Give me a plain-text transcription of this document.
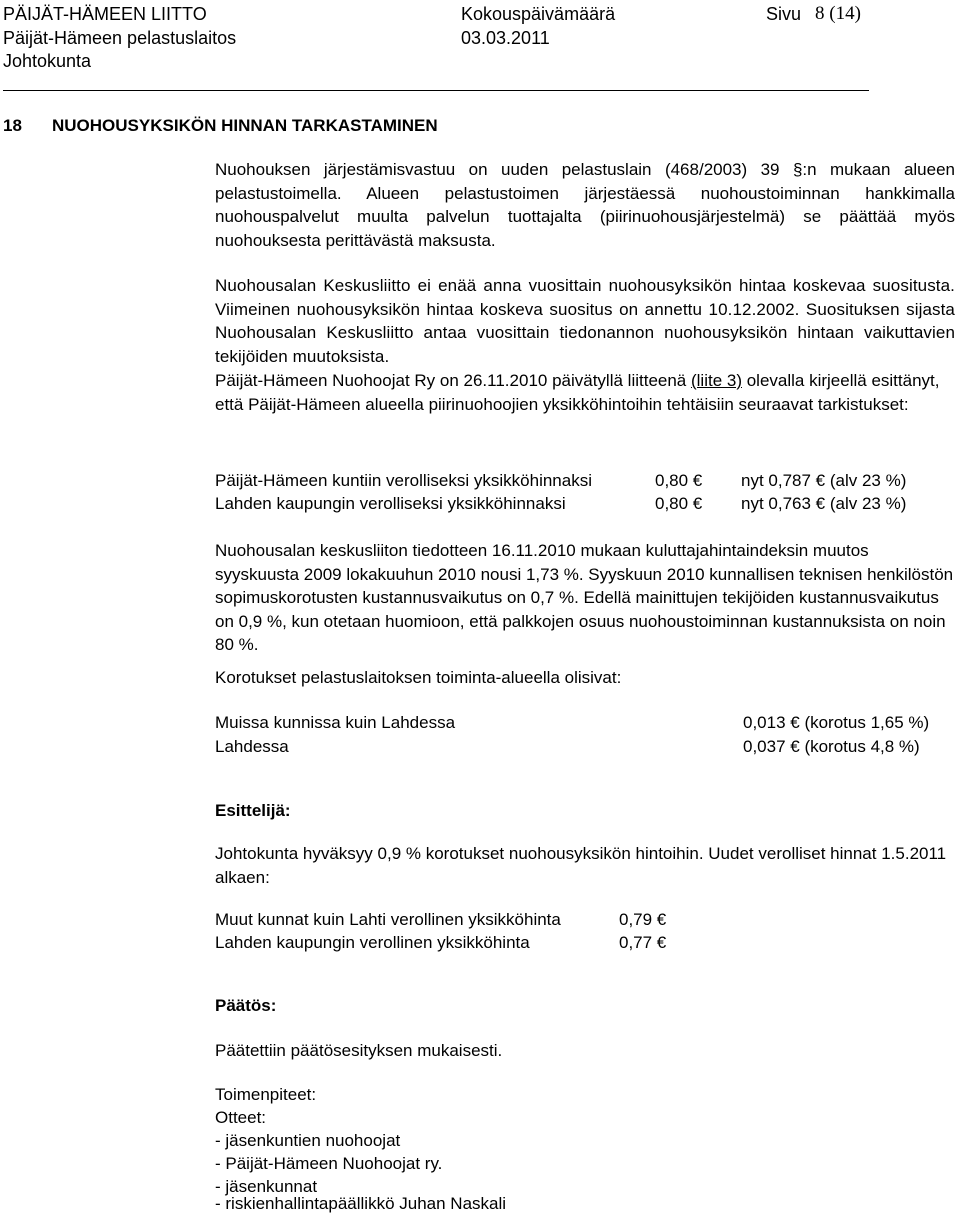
PÄIJÄT-HÄMEEN LIITTO	Kokouspäivämäärä	Sivu 8 (14)
Päijät-Hämeen pelastuslaitos	03.03.2011
Johtokunta
18 NUOHOUSYKSIKÖN HINNAN TARKASTAMINEN

Nuohouksen järjestämisvastuu on uuden pelastuslain (468/2003) 39 §:n mukaan alueen pelastustoimella. Alueen pelastustoimen järjestäessä nuohoustoiminnan hankkimalla nuohouspalvelut muulta palvelun tuottajalta (piirinuohousjärjestelmä) se päättää myös nuohouksesta perittävästä maksusta.

Nuohousalan Keskusliitto ei enää anna vuosittain nuohousyksikön hintaa koskevaa suositusta. Viimeinen nuohousyksikön hintaa koskeva suositus on annettu 10.12.2002. Suosituksen sijasta Nuohousalan Keskusliitto antaa vuosittain tiedonannon nuohousyksikön hintaan vaikuttavien tekijöiden muutoksista.

Päijät-Hämeen Nuohoojat Ry on 26.11.2010 päivätyllä liitteenä (liite 3) olevalla kirjeellä esittänyt, että Päijät-Hämeen alueella piirinuohoojien yksikköhintoihin tehtäisiin seuraavat tarkistukset:

Päijät-Hämeen kuntiin verolliseksi yksikköhinnaksi	0,80 € nyt 0,787 € (alv 23 %)
Lahden kaupungin verolliseksi yksikköhinnaksi	0,80 € nyt 0,763 € (alv 23 %)

Nuohousalan keskusliiton tiedotteen 16.11.2010 mukaan kuluttajahintaindeksin muutos syyskuusta 2009 lokakuuhun 2010 nousi 1,73 %. Syyskuun 2010 kunnallisen teknisen henkilöstön sopimuskorotusten kustannusvaikutus on 0,7 %. Edellä mainittujen tekijöiden kustannusvaikutus on 0,9 %, kun otetaan huomioon, että palkkojen osuus nuohoustoiminnan kustannuksista on noin 80 %.

Korotukset pelastuslaitoksen toiminta-alueella olisivat:

Muissa kunnissa kuin Lahdessa	0,013 € (korotus 1,65 %)
Lahdessa	0,037 € (korotus 4,8 %)
Esittelijä:

Johtokunta hyväksyy 0,9 % korotukset nuohousyksikön hintoihin. Uudet verolliset hinnat 1.5.2011 alkaen:

Muut kunnat kuin Lahti verollinen yksikköhinta	0,79 €
Lahden kaupungin verollinen yksikköhinta	0,77 €
Päätös:
Päätettiin päätösesityksen mukaisesti.
Toimenpiteet:
Otteet:
- jäsenkuntien nuohoojat
- Päijät-Hämeen Nuohoojat ry.
- jäsenkunnat
- riskienhallintapäällikkö Juhan Naskali
